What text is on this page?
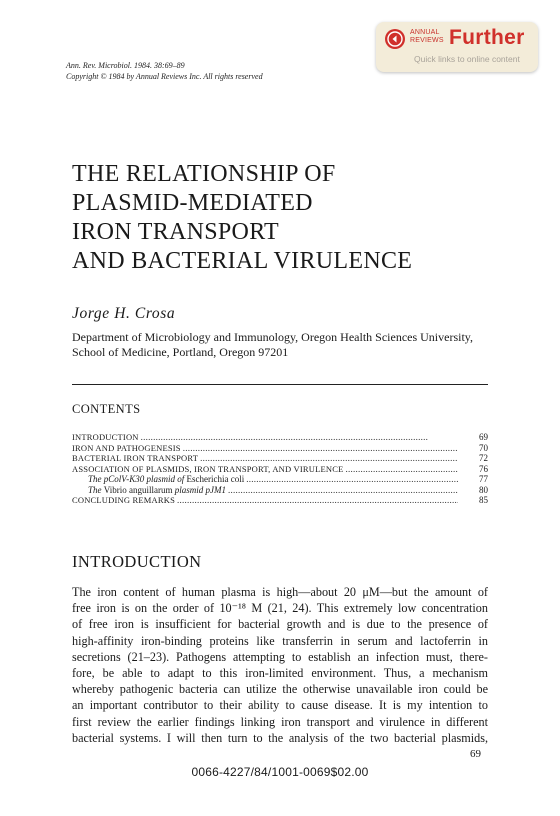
ANNUAL
REVIEWS Further
Quick links to online content
Ann. Rev. Microbiol. 1984. 38:69–89
Copyright © 1984 by Annual Reviews Inc. All rights reserved
THE RELATIONSHIP OF
PLASMID-MEDIATED
IRON TRANSPORT
AND BACTERIAL VIRULENCE
Jorge H. Crosa
Department of Microbiology and Immunology, Oregon Health Sciences University,
School of Medicine, Portland, Oregon 97201
CONTENTS
INTRODUCTION . . .	69
IRON AND PATHOGENESIS . . .	70
BACTERIAL IRON TRANSPORT . . .	72
ASSOCIATION OF PLASMIDS, IRON TRANSPORT, AND VIRULENCE . . .	76
The pColV-K30 plasmid of Escherichia coli . . .	77
The Vibrio anguillarum plasmid pJM1 . . .	80
CONCLUDING REMARKS . . .	85
INTRODUCTION
The iron content of human plasma is high—about 20 μM—but the amount of
free iron is on the order of 10⁻¹⁸ M (21, 24). This extremely low concentration
of free iron is insufficient for bacterial growth and is due to the presence of
high-affinity iron-binding proteins like transferrin in serum and lactoferrin in
secretions (21–23). Pathogens attempting to establish an infection must, there-
fore, be able to adapt to this iron-limited environment. Thus, a mechanism
whereby pathogenic bacteria can utilize the otherwise unavailable iron could be
an important contributor to their ability to cause disease. It is my intention to
first review the earlier findings linking iron transport and virulence in different
bacterial systems. I will then turn to the analysis of the two bacterial plasmids,
69
0066-4227/84/1001-0069$02.00
